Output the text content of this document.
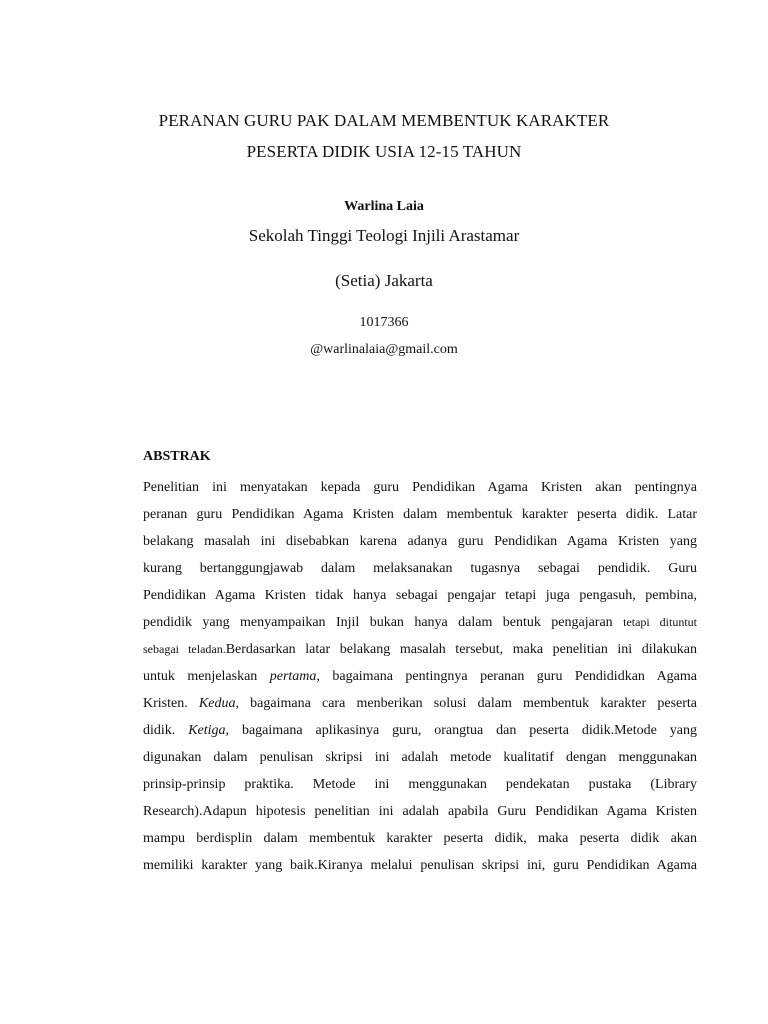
PERANAN GURU PAK DALAM MEMBENTUK KARAKTER
PESERTA DIDIK USIA 12-15 TAHUN
Warlina Laia
Sekolah Tinggi Teologi Injili Arastamar
(Setia) Jakarta
1017366
@warlinalaia@gmail.com
ABSTRAK
Penelitian ini menyatakan kepada guru Pendidikan Agama Kristen akan pentingnya
peranan guru Pendidikan Agama Kristen dalam membentuk karakter peserta didik. Latar
belakang masalah ini disebabkan karena adanya guru Pendidikan Agama Kristen yang
kurang bertanggungjawab dalam melaksanakan tugasnya sebagai pendidik. Guru
Pendidikan Agama Kristen tidak hanya sebagai pengajar tetapi juga pengasuh, pembina,
pendidik yang menyampaikan Injil bukan hanya dalam bentuk pengajaran tetapi dituntut
sebagai teladan.Berdasarkan latar belakang masalah tersebut, maka penelitian ini dilakukan
untuk menjelaskan pertama, bagaimana pentingnya peranan guru Pendididkan Agama
Kristen. Kedua, bagaimana cara menberikan solusi dalam membentuk karakter peserta
didik. Ketiga, bagaimana aplikasinya guru, orangtua dan peserta didik.Metode yang
digunakan dalam penulisan skripsi ini adalah metode kualitatif dengan menggunakan
prinsip-prinsip praktika. Metode ini menggunakan pendekatan pustaka (Library
Research).Adapun hipotesis penelitian ini adalah apabila Guru Pendidikan Agama Kristen
mampu berdisplin dalam membentuk karakter peserta didik, maka peserta didik akan
memiliki karakter yang baik.Kiranya melalui penulisan skripsi ini, guru Pendidikan Agama
